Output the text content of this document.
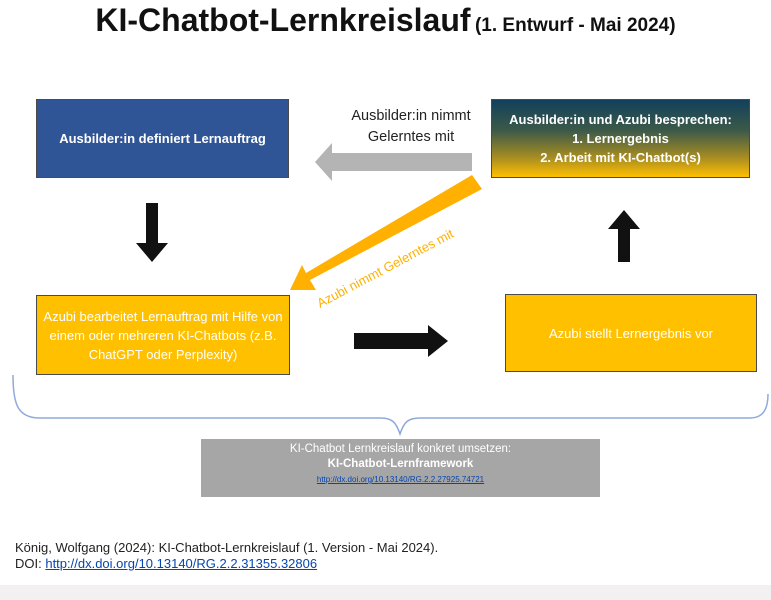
KI-Chatbot-Lernkreislauf (1. Entwurf - Mai 2024)
Ausbilder:in definiert Lernauftrag
Ausbilder:in und Azubi besprechen:
1. Lernergebnis
2. Arbeit mit KI-Chatbot(s)
Azubi bearbeitet Lernauftrag mit Hilfe von einem oder mehreren KI-Chatbots (z.B. ChatGPT oder Perplexity)
Azubi stellt Lernergebnis vor
Ausbilder:in nimmt
Gelerntes mit
Azubi nimmt Gelerntes mit
KI-Chatbot Lernkreislauf konkret umsetzen:
KI-Chatbot-Lernframework
http://dx.doi.org/10.13140/RG.2.2.27925.74721
König, Wolfgang (2024): KI-Chatbot-Lernkreislauf (1. Version - Mai 2024).
DOI: http://dx.doi.org/10.13140/RG.2.2.31355.32806
